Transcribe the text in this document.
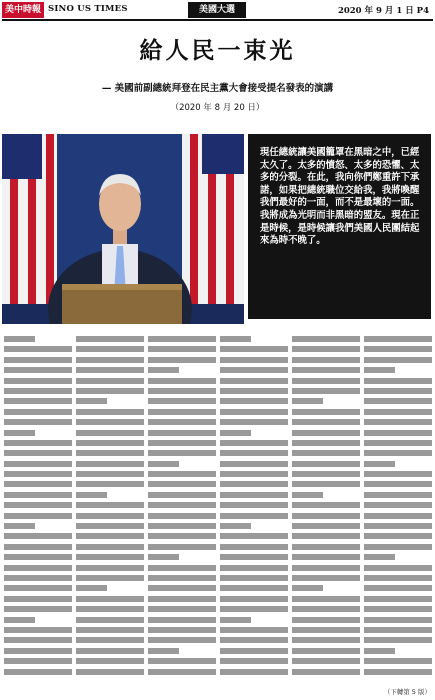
美中時報 SINO US TIMES	美國大選	2020 年 9 月 1 日 P4
給人民一束光
— 美國前副總統拜登在民主黨大會接受提名發表的演講
（2020 年 8 月 20 日）
現任總統讓美國籠罩在黑暗之中，已經太久了。太多的憤怒、太多的恐懼、太多的分裂。在此，我向你們鄭重許下承諾，如果把總統職位交給我，我將喚醒我們最好的一面，而不是最壞的一面。我將成為光明而非黑暗的盟友。現在正是時候，是時候讓我們美國人民團結起來為時不晚了。
（下轉第 5 版）
